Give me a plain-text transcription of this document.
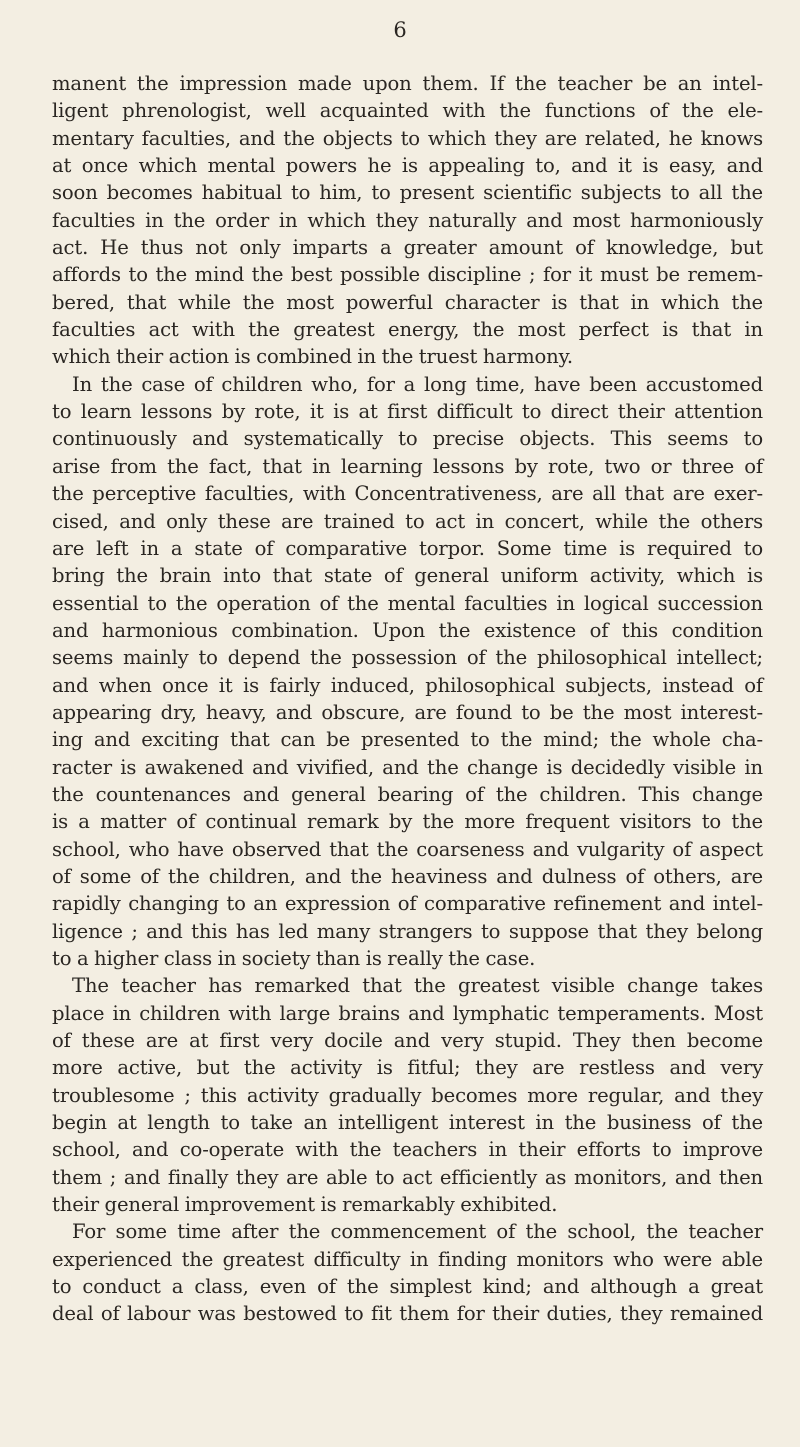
6
manent the impression made upon them. If the teacher be an intel-
ligent phrenologist, well acquainted with the functions of the ele-
mentary faculties, and the objects to which they are related, he knows
at once which mental powers he is appealing to, and it is easy, and
soon becomes habitual to him, to present scientific subjects to all the
faculties in the order in which they naturally and most harmoniously
act. He thus not only imparts a greater amount of knowledge, but
affords to the mind the best possible discipline ; for it must be remem-
bered, that while the most powerful character is that in which the
faculties act with the greatest energy, the most perfect is that in
which their action is combined in the truest harmony.
In the case of children who, for a long time, have been accustomed
to learn lessons by rote, it is at first difficult to direct their attention
continuously and systematically to precise objects. This seems to
arise from the fact, that in learning lessons by rote, two or three of
the perceptive faculties, with Concentrativeness, are all that are exer-
cised, and only these are trained to act in concert, while the others
are left in a state of comparative torpor. Some time is required to
bring the brain into that state of general uniform activity, which is
essential to the operation of the mental faculties in logical succession
and harmonious combination. Upon the existence of this condition
seems mainly to depend the possession of the philosophical intellect;
and when once it is fairly induced, philosophical subjects, instead of
appearing dry, heavy, and obscure, are found to be the most interest-
ing and exciting that can be presented to the mind; the whole cha-
racter is awakened and vivified, and the change is decidedly visible in
the countenances and general bearing of the children. This change
is a matter of continual remark by the more frequent visitors to the
school, who have observed that the coarseness and vulgarity of aspect
of some of the children, and the heaviness and dulness of others, are
rapidly changing to an expression of comparative refinement and intel-
ligence ; and this has led many strangers to suppose that they belong
to a higher class in society than is really the case.
The teacher has remarked that the greatest visible change takes
place in children with large brains and lymphatic temperaments. Most
of these are at first very docile and very stupid. They then become
more active, but the activity is fitful; they are restless and very
troublesome ; this activity gradually becomes more regular, and they
begin at length to take an intelligent interest in the business of the
school, and co-operate with the teachers in their efforts to improve
them ; and finally they are able to act efficiently as monitors, and then
their general improvement is remarkably exhibited.
For some time after the commencement of the school, the teacher
experienced the greatest difficulty in finding monitors who were able
to conduct a class, even of the simplest kind; and although a great
deal of labour was bestowed to fit them for their duties, they remained
